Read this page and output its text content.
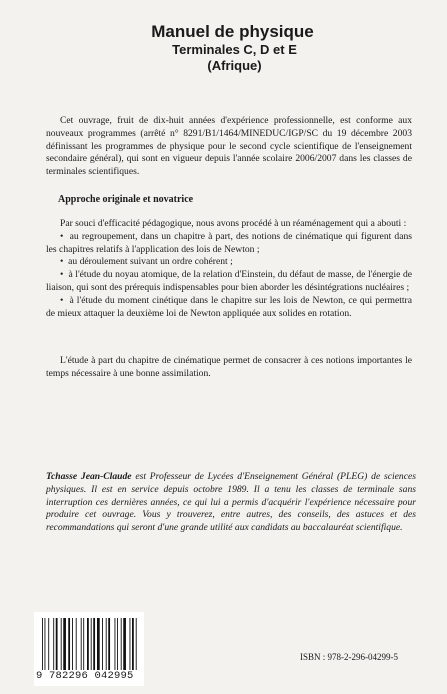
Manuel de physique
Terminales C, D et E
(Afrique)
Cet ouvrage, fruit de dix-huit années d'expérience professionnelle, est conforme aux nouveaux programmes (arrêté n° 8291/B1/1464/MINEDUC/IGP/SC du 19 décembre 2003 définissant les programmes de physique pour le second cycle scientifique de l'enseignement secondaire général), qui sont en vigueur depuis l'année scolaire 2006/2007 dans les classes de terminales scientifiques.
Approche originale et novatrice
Par souci d'efficacité pédagogique, nous avons procédé à un réaménagement qui a abouti :
•  au regroupement, dans un chapitre à part, des notions de cinématique qui figurent dans les chapitres relatifs à l'application des lois de Newton ;
•  au déroulement suivant un ordre cohérent ;
•  à l'étude du noyau atomique, de la relation d'Einstein, du défaut de masse, de l'énergie de liaison, qui sont des prérequis indispensables pour bien aborder les désintégrations nucléaires ;
•  à l'étude du moment cinétique dans le chapitre sur les lois de Newton, ce qui permettra de mieux attaquer la deuxième loi de Newton appliquée aux solides en rotation.
L'étude à part du chapitre de cinématique permet de consacrer à ces notions importantes le temps nécessaire à une bonne assimilation.
Tchasse Jean-Claude est Professeur de Lycées d'Enseignement Général (PLEG) de sciences physiques. Il est en service depuis octobre 1989. Il a tenu les classes de terminale sans interruption ces dernières années, ce qui lui a permis d'acquérir l'expérience nécessaire pour produire cet ouvrage. Vous y trouverez, entre autres, des conseils, des astuces et des recommandations qui seront d'une grande utilité aux candidats au baccalauréat scientifique.
9 782296 042995
ISBN : 978-2-296-04299-5
